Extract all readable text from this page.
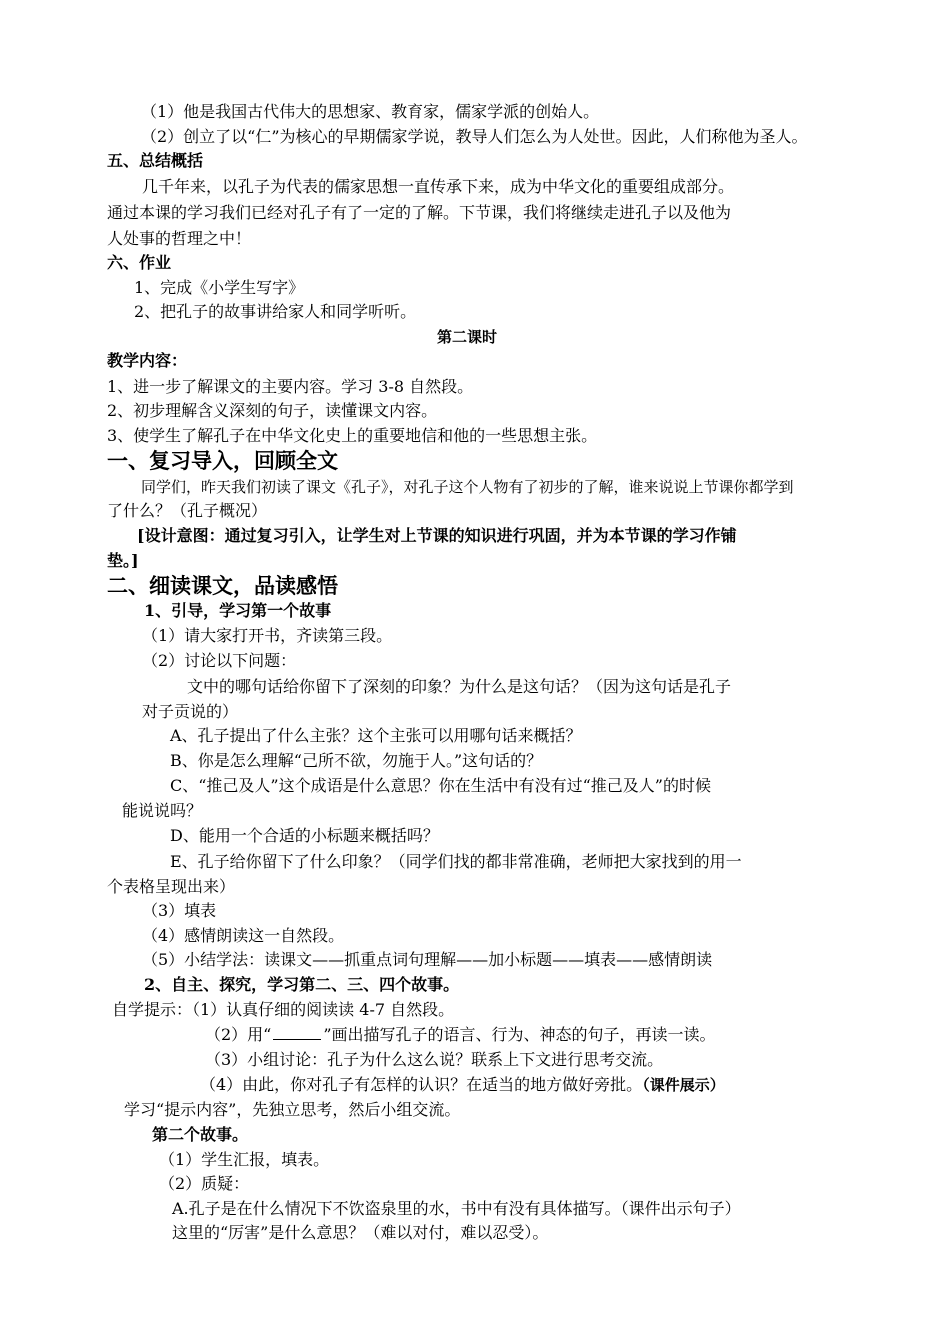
（1）他是我国古代伟大的思想家、教育家，儒家学派的创始人。
（2）创立了以“仁”为核心的早期儒家学说，教导人们怎么为人处世。因此，人们称他为圣人。
五、总结概括
几千年来，以孔子为代表的儒家思想一直传承下来，成为中华文化的重要组成部分。
通过本课的学习我们已经对孔子有了一定的了解。下节课，我们将继续走进孔子以及他为
人处事的哲理之中！
六、作业
1、完成《小学生写字》
2、把孔子的故事讲给家人和同学听听。
第二课时
教学内容：
1、进一步了解课文的主要内容。学习 3-8 自然段。
2、初步理解含义深刻的句子，读懂课文内容。
3、使学生了解孔子在中华文化史上的重要地信和他的一些思想主张。
一、复习导入，回顾全文
同学们，昨天我们初读了课文《孔子》，对孔子这个人物有了初步的了解，谁来说说上节课你都学到
了什么？（孔子概况）
[设计意图：通过复习引入，让学生对上节课的知识进行巩固，并为本节课的学习作铺
垫。]
二、细读课文，品读感悟
1、引导，学习第一个故事
（1）请大家打开书，齐读第三段。
（2）讨论以下问题：
文中的哪句话给你留下了深刻的印象？为什么是这句话？（因为这句话是孔子
对子贡说的）
A、孔子提出了什么主张？这个主张可以用哪句话来概括？
B、你是怎么理解“己所不欲，勿施于人。”这句话的？
C、“推己及人”这个成语是什么意思？你在生活中有没有过“推己及人”的时候
能说说吗？
D、能用一个合适的小标题来概括吗？
E、孔子给你留下了什么印象？（同学们找的都非常准确，老师把大家找到的用一
个表格呈现出来）
（3）填表
（4）感情朗读这一自然段。
（5）小结学法：读课文——抓重点词句理解——加小标题——填表——感情朗读
2、自主、探究，学习第二、三、四个故事。
自学提示：（1）认真仔细的阅读读 4-7 自然段。
（2）用“	”画出描写孔子的语言、行为、神态的句子，再读一读。
（3）小组讨论：孔子为什么这么说？联系上下文进行思考交流。
（4）由此，你对孔子有怎样的认识？在适当的地方做好旁批。（课件展示）
学习“提示内容”，先独立思考，然后小组交流。
第二个故事。
（1）学生汇报，填表。
（2）质疑：
A.孔子是在什么情况下不饮盗泉里的水，书中有没有具体描写。（课件出示句子）
这里的“厉害”是什么意思？（难以对付，难以忍受）。
